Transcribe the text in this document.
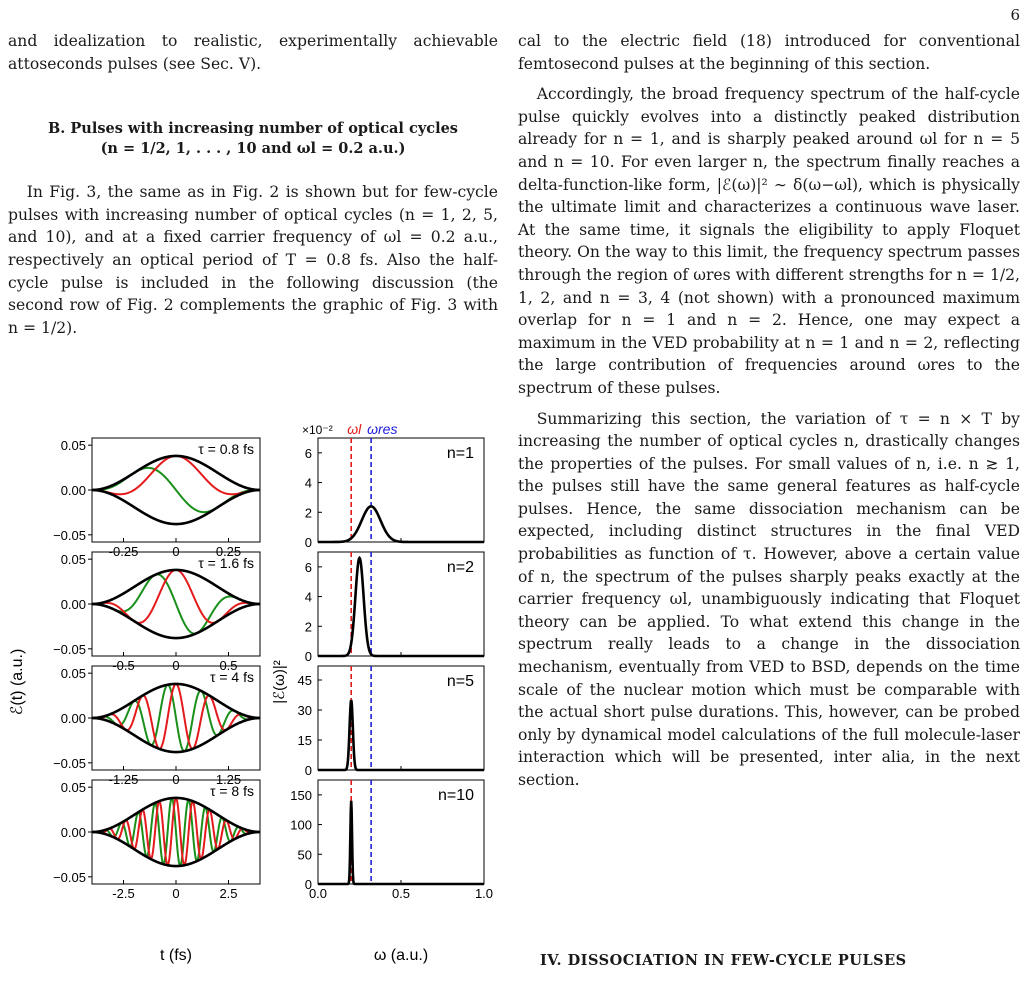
6

and idealization to realistic, experimentally achievable attoseconds pulses (see Sec. V).

B. Pulses with increasing number of optical cycles

(n = 1/2, 1, . . . , 10 and ωl = 0.2 a.u.)

In Fig. 3, the same as in Fig. 2 is shown but for few-cycle pulses with increasing number of optical cycles (n = 1, 2, 5, and 10), and at a fixed carrier frequency of ωl = 0.2 a.u., respectively an optical period of T = 0.8 fs. Also the half-cycle pulse is included in the following discussion (the second row of Fig. 2 complements the graphic of Fig. 3 with n = 1/2).

0.05
0.00
−0.05
-0.25	0	0.25
τ = 0.8 fs
0.05
0.00
−0.05
-0.5	0	0.5
τ = 1.6 fs
0.05
0.00
−0.05
-1.25	0	1.25
τ = 4 fs
0.05
0.00
−0.05
-2.5	0	2.5
τ = 8 fs
ℰ(t) (a.u.)
t (fs)
6
4
2
0
n=1
6
4
2
0
n=2
45
30
15
0
n=5
150
100
50
0
n=10
0.0	0.5	1.0
×10⁻² ωl ωres
|ℰ(ω)|²
ω (a.u.)

cal to the electric field (18) introduced for conventional femtosecond pulses at the beginning of this section.

Accordingly, the broad frequency spectrum of the half-cycle pulse quickly evolves into a distinctly peaked distribution already for n = 1, and is sharply peaked around ωl for n = 5 and n = 10. For even larger n, the spectrum finally reaches a delta-function-like form, |ℰ(ω)|² ∼ δ(ω−ωl), which is physically the ultimate limit and characterizes a continuous wave laser. At the same time, it signals the eligibility to apply Floquet theory. On the way to this limit, the frequency spectrum passes through the region of ωres with different strengths for n = 1/2, 1, 2, and n = 3, 4 (not shown) with a pronounced maximum overlap for n = 1 and n = 2. Hence, one may expect a maximum in the VED probability at n = 1 and n = 2, reflecting the large contribution of frequencies around ωres to the spectrum of these pulses.

Summarizing this section, the variation of τ = n × T by increasing the number of optical cycles n, drastically changes the properties of the pulses. For small values of n, i.e. n ≳ 1, the pulses still have the same general features as half-cycle pulses. Hence, the same dissociation mechanism can be expected, including distinct structures in the final VED probabilities as function of τ. However, above a certain value of n, the spectrum of the pulses sharply peaks exactly at the carrier frequency ωl, unambiguously indicating that Floquet theory can be applied. To what extend this change in the spectrum really leads to a change in the dissociation mechanism, eventually from VED to BSD, depends on the time scale of the nuclear motion which must be comparable with the actual short pulse durations. This, however, can be probed only by dynamical model calculations of the full molecule-laser interaction which will be presented, inter alia, in the next section.

IV. DISSOCIATION IN FEW-CYCLE PULSES
